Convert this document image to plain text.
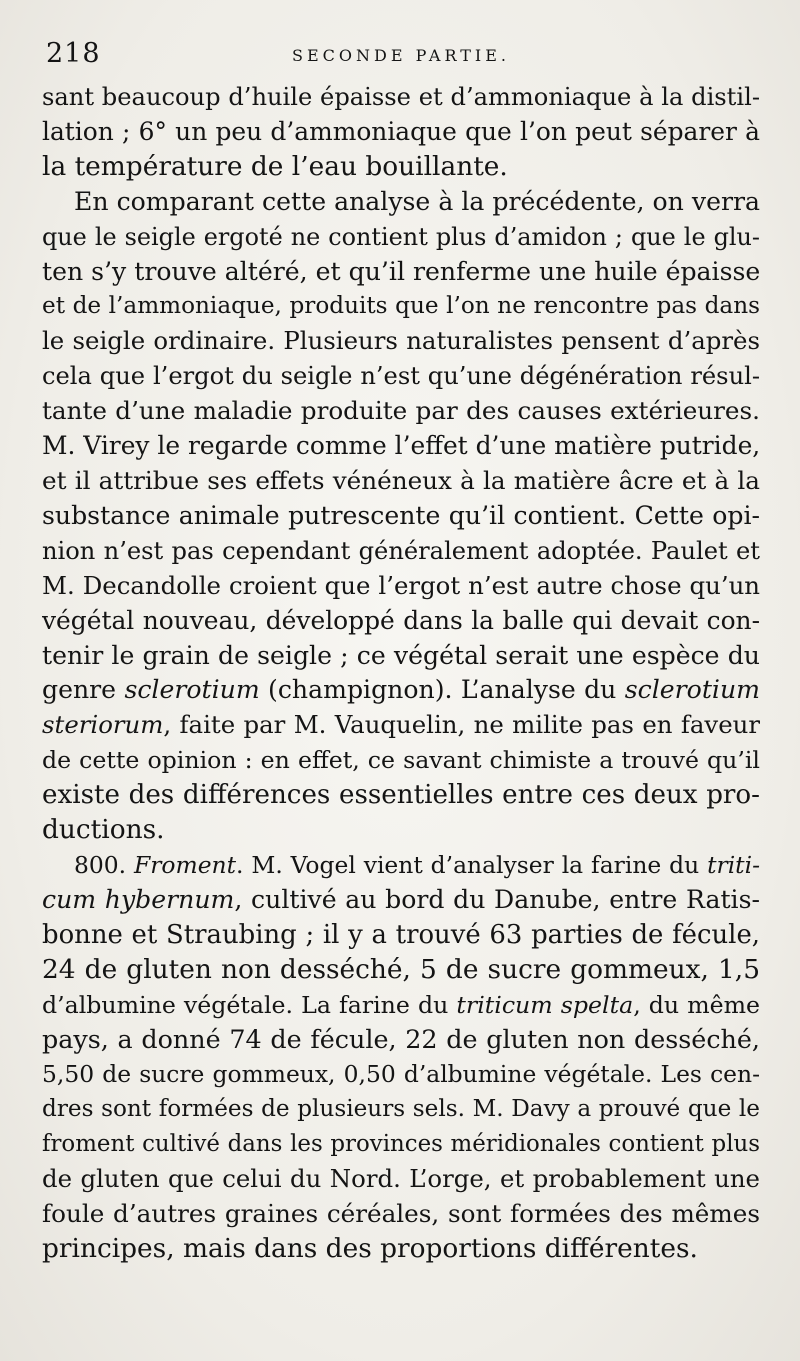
218	SECONDE PARTIE.
sant beaucoup d’huile épaisse et d’ammoniaque à la distil-
lation ; 6° un peu d’ammoniaque que l’on peut séparer à
la température de l’eau bouillante.
En comparant cette analyse à la précédente, on verra
que le seigle ergoté ne contient plus d’amidon ; que le glu-
ten s’y trouve altéré, et qu’il renferme une huile épaisse
et de l’ammoniaque, produits que l’on ne rencontre pas dans
le seigle ordinaire. Plusieurs naturalistes pensent d’après
cela que l’ergot du seigle n’est qu’une dégénération résul-
tante d’une maladie produite par des causes extérieures.
M. Virey le regarde comme l’effet d’une matière putride,
et il attribue ses effets vénéneux à la matière âcre et à la
substance animale putrescente qu’il contient. Cette opi-
nion n’est pas cependant généralement adoptée. Paulet et
M. Decandolle croient que l’ergot n’est autre chose qu’un
végétal nouveau, développé dans la balle qui devait con-
tenir le grain de seigle ; ce végétal serait une espèce du
genre sclerotium (champignon). L’analyse du sclerotium
steriorum, faite par M. Vauquelin, ne milite pas en faveur
de cette opinion : en effet, ce savant chimiste a trouvé qu’il
existe des différences essentielles entre ces deux pro-
ductions.
800. Froment. M. Vogel vient d’analyser la farine du triti-
cum hybernum, cultivé au bord du Danube, entre Ratis-
bonne et Straubing ; il y a trouvé 63 parties de fécule,
24 de gluten non desséché, 5 de sucre gommeux, 1,5
d’albumine végétale. La farine du triticum spelta, du même
pays, a donné 74 de fécule, 22 de gluten non desséché,
5,50 de sucre gommeux, 0,50 d’albumine végétale. Les cen-
dres sont formées de plusieurs sels. M. Davy a prouvé que le
froment cultivé dans les provinces méridionales contient plus
de gluten que celui du Nord. L’orge, et probablement une
foule d’autres graines céréales, sont formées des mêmes
principes, mais dans des proportions différentes.
